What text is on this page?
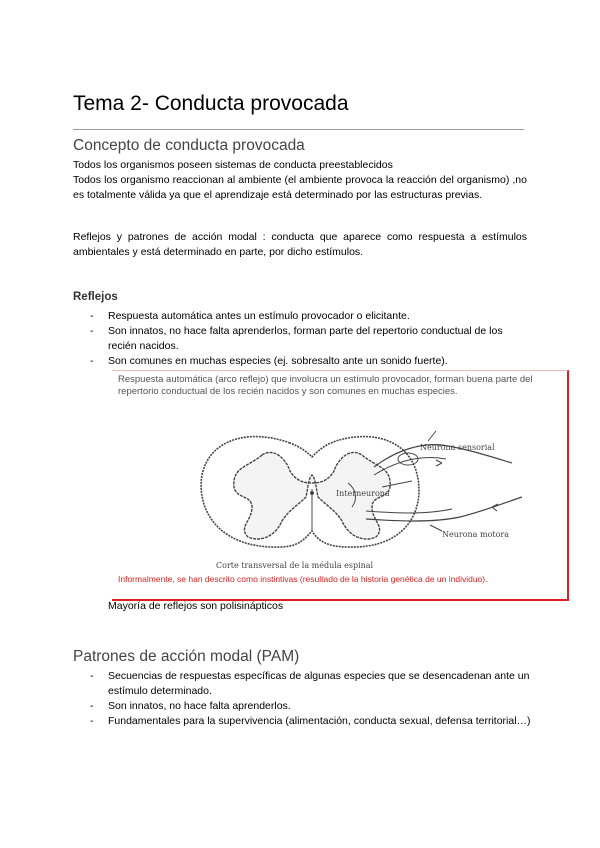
Tema 2- Conducta provocada
Concepto de conducta provocada

Todos los organismos poseen sistemas de conducta preestablecidos

Todos los organismo reaccionan al ambiente (el ambiente provoca la reacción del organismo) ,no es totalmente válida ya que el aprendizaje está determinado por las estructuras previas.

Reflejos y patrones de acción modal : conducta que aparece como respuesta a estímulos ambientales y está determinado en parte, por dicho estímulos.

Reflejos
- Respuesta automática antes un estímulo provocador o elicitante.
- Son innatos, no hace falta aprenderlos, forman parte del repertorio conductual de los recién nacidos.
- Son comunes en muchas especies (ej. sobresalto ante un sonido fuerte).

Respuesta automática (arco reflejo) que involucra un estímulo provocador, forman buena parte del repertorio conductual de los recién nacidos y son comunes en muchas especies.

Neurona sensorial
Interneurona
Neurona motora
Corte transversal de la médula espinal

Informalmente, se han descrito como instintivas (resultado de la historia genética de un individuo).

Mayoría de reflejos son polisinápticos

Patrones de acción modal (PAM)
- Secuencias de respuestas específicas de algunas especies que se desencadenan ante un estímulo determinado.
- Son innatos, no hace falta aprenderlos.
- Fundamentales para la supervivencia (alimentación, conducta sexual, defensa territorial…)
